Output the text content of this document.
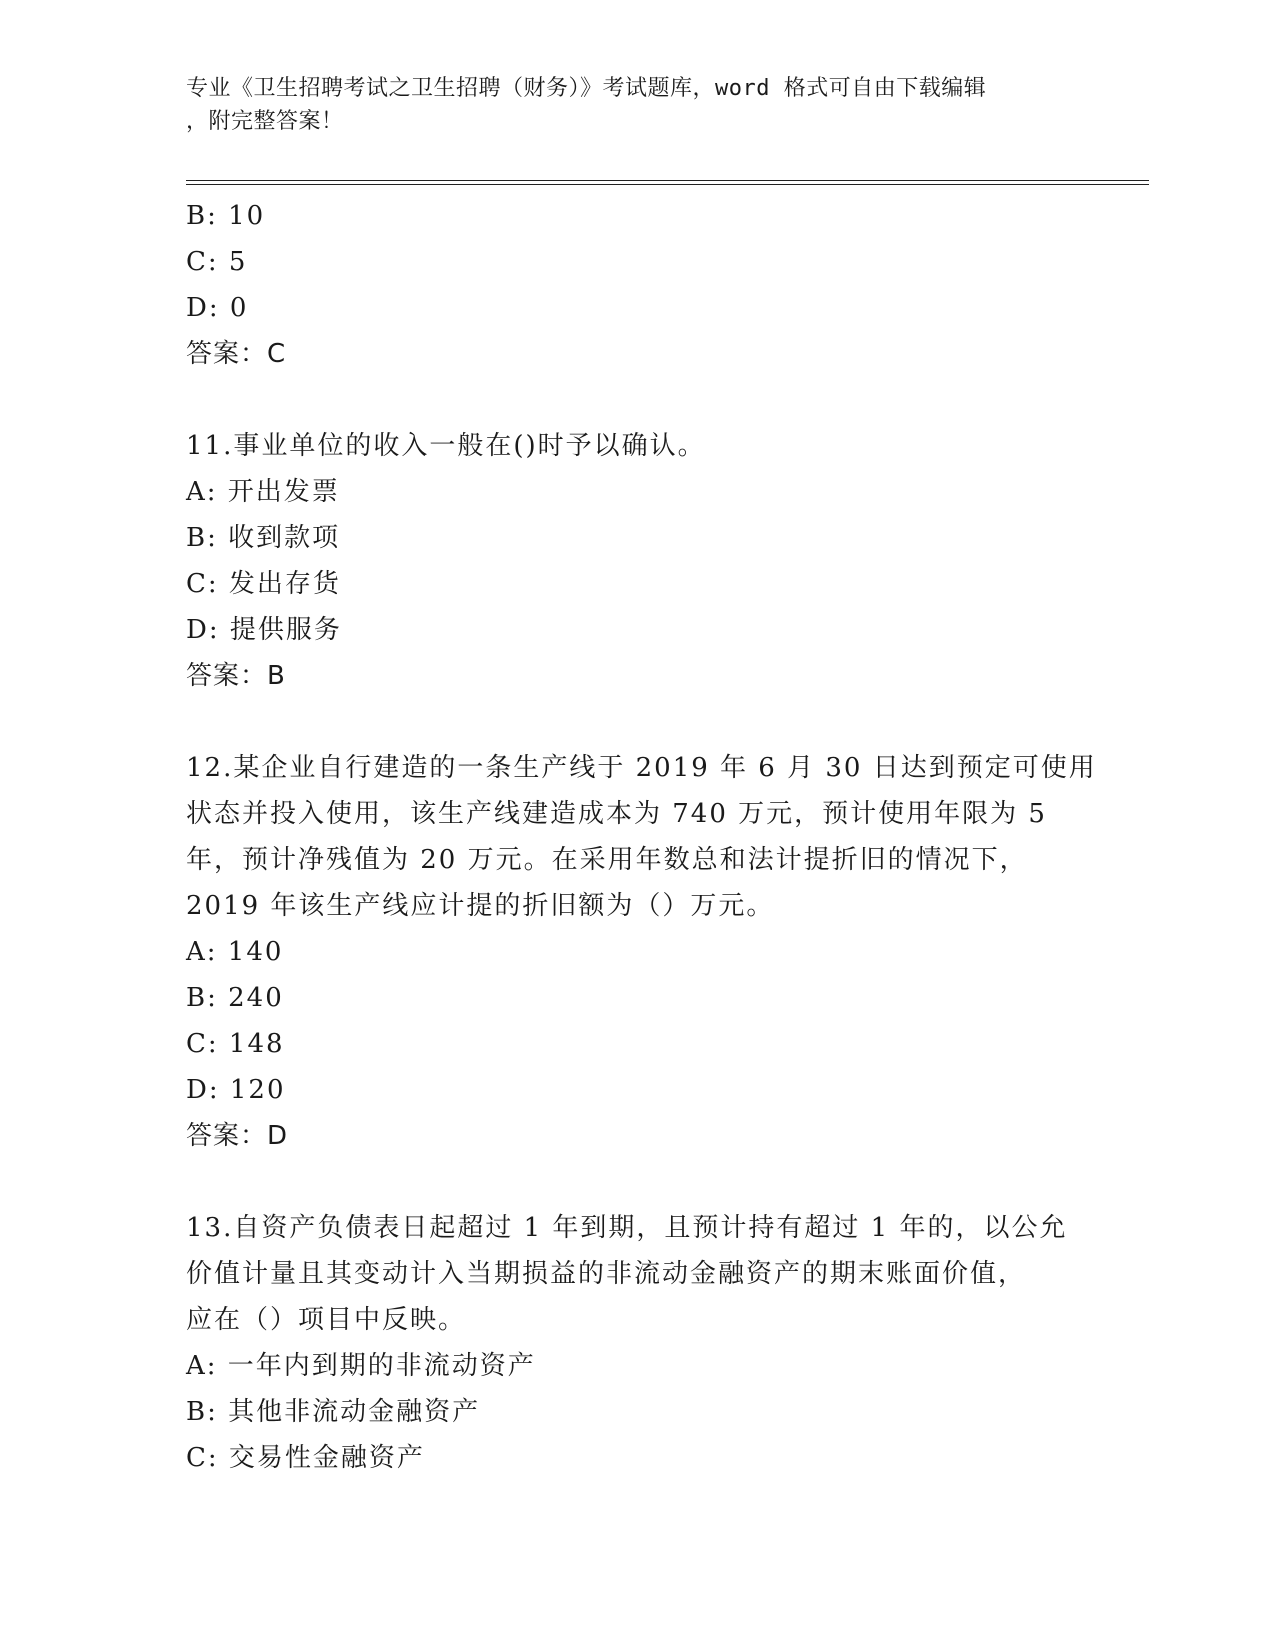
专业《卫生招聘考试之卫生招聘（财务）》考试题库，word 格式可自由下载编辑
，附完整答案！
B: 10
C: 5
D: 0
答案：C
11.事业单位的收入一般在()时予以确认。
A: 开出发票
B: 收到款项
C: 发出存货
D: 提供服务
答案：B
12.某企业自行建造的一条生产线于 2019 年 6 月 30 日达到预定可使用
状态并投入使用，该生产线建造成本为 740 万元，预计使用年限为 5
年，预计净残值为 20 万元。在采用年数总和法计提折旧的情况下，
2019 年该生产线应计提的折旧额为（）万元。
A: 140
B: 240
C: 148
D: 120
答案：D
13.自资产负债表日起超过 1 年到期，且预计持有超过 1 年的，以公允
价值计量且其变动计入当期损益的非流动金融资产的期末账面价值，
应在（）项目中反映。
A: 一年内到期的非流动资产
B: 其他非流动金融资产
C: 交易性金融资产
